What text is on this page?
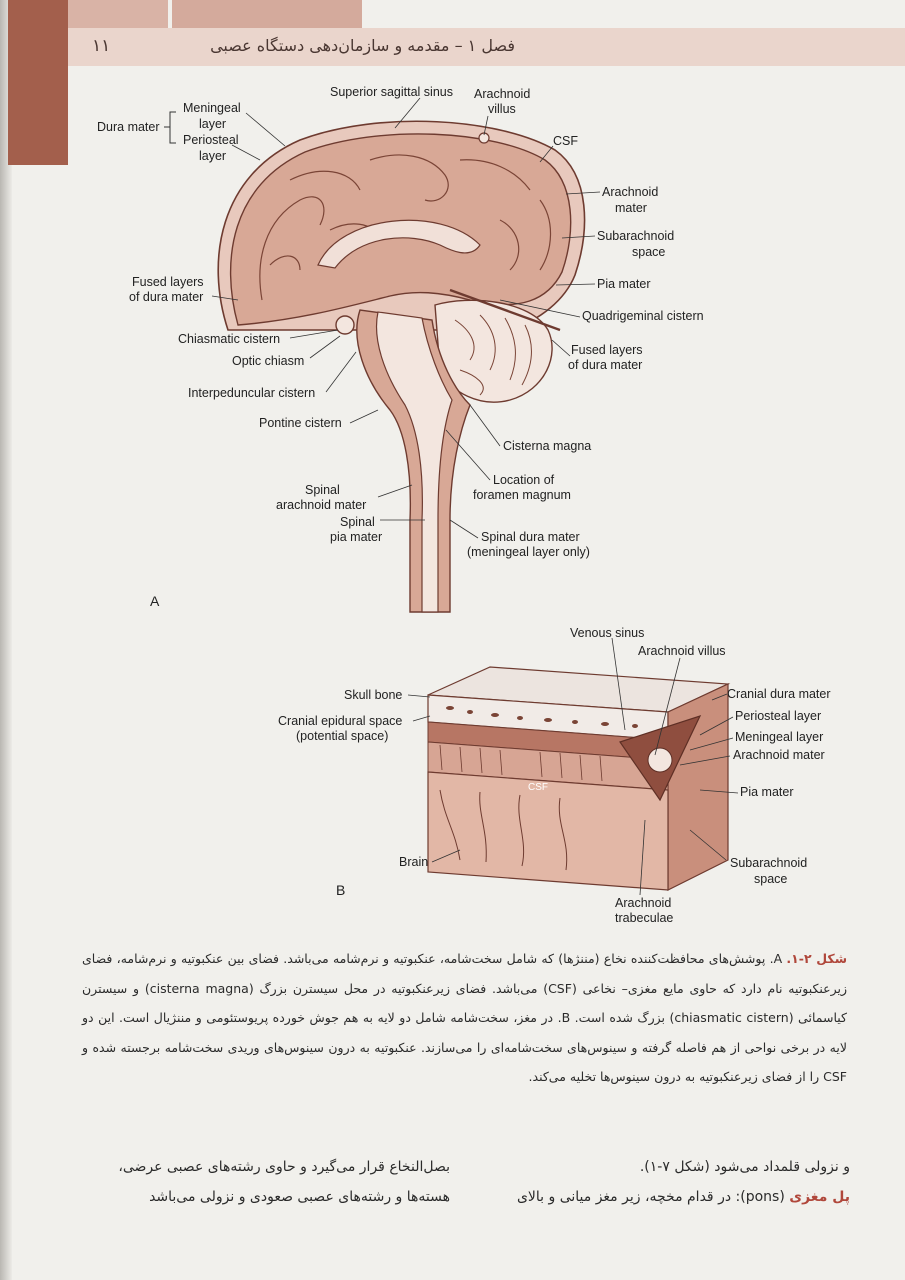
فصل ۱ – مقدمه و سازمان‌دهی دستگاه عصبی
۱۱
Dura mater
Meningeal
layer
Periosteal
layer
Superior sagittal sinus Arachnoid
villus
CSF
Arachnoid
mater
Subarachnoid
space
Pia mater
Fused layers
of dura mater
Quadrigeminal cistern
Chiasmatic cistern
Optic chiasm
Fused layers
of dura mater
Interpeduncular cistern
Pontine cistern
Cisterna magna
Location of
foramen magnum
Spinal
arachnoid mater
Spinal
pia mater	Spinal dura mater
(meningeal layer only)
A
Venous sinus
Arachnoid villus
Skull bone	Cranial dura mater
Periosteal layer
Cranial epidural space
(potential space)	Meningeal layer
Arachnoid mater
Pia mater
Brain	Subarachnoid
space
Arachnoid
trabeculae
CSF
B
شکل ۲-۱. A. پوشش‌های محافظت‌کننده نخاع (مننژها) که شامل سخت‌شامه، عنکبوتیه و نرم‌شامه می‌باشد. فضای بین عنکبوتیه و نرم‌شامه، فضای زیرعنکبوتیه نام دارد که حاوی مایع مغزی– نخاعی (CSF) می‌باشد. فضای زیرعنکبوتیه در محل سیسترن بزرگ (cisterna magna) و سیسترن کیاسمائی (chiasmatic cistern) بزرگ شده است. B. در مغز، سخت‌شامه شامل دو لایه به هم جوش خورده پریوستئومی و مننژیال است. این دو لایه در برخی نواحی از هم فاصله گرفته و سینوس‌های سخت‌شامه‌ای را می‌سازند. عنکبوتیه به درون سینوس‌های وریدی سخت‌شامه برجسته شده و CSF را از فضای زیرعنکبوتیه به درون سینوس‌ها تخلیه می‌کند.
و نزولی قلمداد می‌شود (شکل ۷-۱).
پل مغزی (pons): در قدام مخچه، زیر مغز میانی و بالای
بصل‌النخاع قرار می‌گیرد و حاوی رشته‌های عصبی عرضی،
هسته‌ها و رشته‌های عصبی صعودی و نزولی می‌باشد
